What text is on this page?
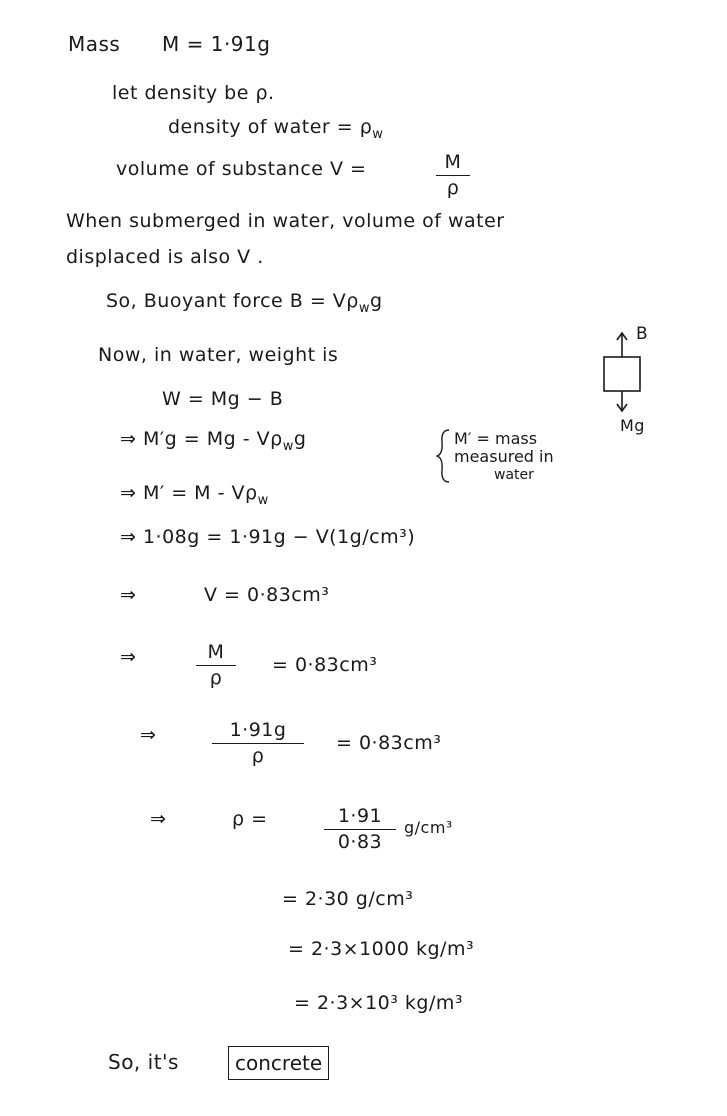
Mass M = 1·91g
let density be ρ.
density of water = $\rho_w$
volume of substance V =	M
ρ
When submerged in water, volume of water
displaced is also V .
So, Buoyant force $B = V\rho_wg$
Now, in water, weight is
B
Mg
W = Mg − B
⇒ $M'g = Mg - V\rho_wg$	M′ = mass
measured in
water
⇒ $M' = M - V\rho_w$
⇒ 1·08g = 1·91g − V(1g/cm³)
⇒	V = 0·83cm³
⇒	M
ρ
= 0·83cm³
⇒	1·91g
ρ
= 0·83cm³
⇒	ρ =	1·91
0·83
g/cm³
= 2·30 g/cm³
= 2·3×1000 kg/m³
= 2·3×10³ kg/m³
So, it's	concrete
